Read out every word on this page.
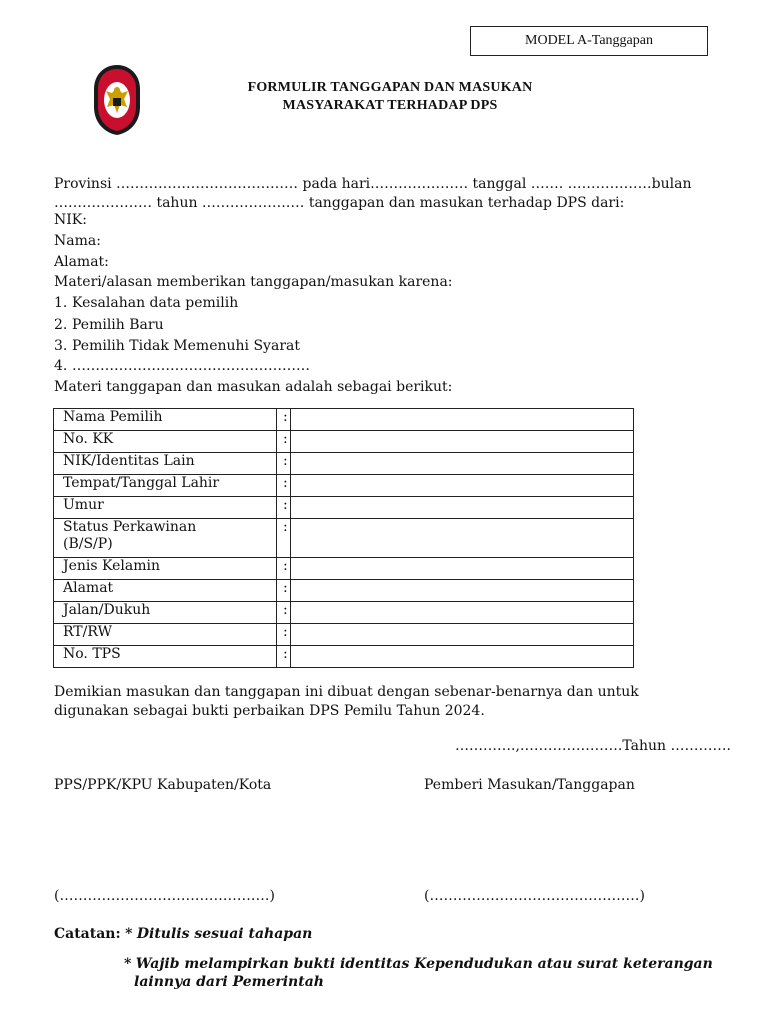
MODEL A-Tanggapan
FORMULIR TANGGAPAN DAN MASUKAN
MASYARAKAT TERHADAP DPS
Provinsi ………………………………… pada hari………………… tanggal ……. ………………bulan
………………… tahun ……………….… tanggapan dan masukan terhadap DPS dari:
NIK:
Nama:
Alamat:
Materi/alasan memberikan tanggapan/masukan karena:
1. Kesalahan data pemilih
2. Pemilih Baru
3. Pemilih Tidak Memenuhi Syarat
4. ……………………………………………
Materi tanggapan dan masukan adalah sebagai berikut:
Nama Pemilih	:	
No. KK	:	
NIK/Identitas Lain	:	
Tempat/Tanggal Lahir	:	
Umur	:	
Status Perkawinan
(B/S/P)	:	
Jenis Kelamin	:	
Alamat	:	
Jalan/Dukuh	:	
RT/RW	:	
No. TPS	:	
Demikian masukan dan tanggapan ini dibuat dengan sebenar-benarnya dan untuk
digunakan sebagai bukti perbaikan DPS Pemilu Tahun 2024.
………….,………………….Tahun ………….
PPS/PPK/KPU Kabupaten/Kota	Pemberi Masukan/Tanggapan
(………………………………………)	(………………………………………)
Catatan: * Ditulis sesuai tahapan
* Wajib melampirkan bukti identitas Kependudukan atau surat keterangan
lainnya dari Pemerintah
